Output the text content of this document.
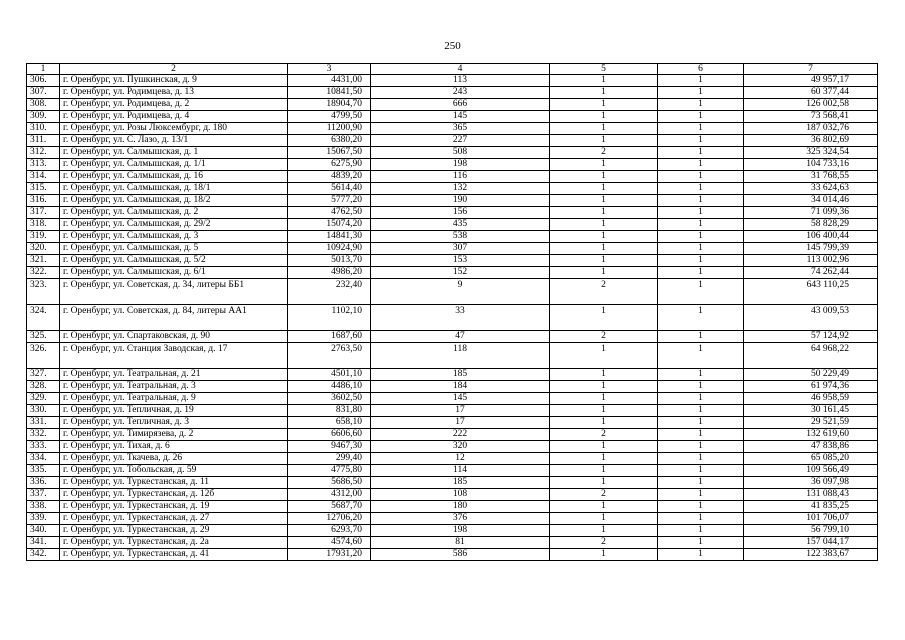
250
1	2	3	4	5	6	7
306.	г. Оренбург, ул. Пушкинская, д. 9	4431,00	113	1	1	49 957,17
307.	г. Оренбург, ул. Родимцева, д. 13	10841,50	243	1	1	60 377,44
308.	г. Оренбург, ул. Родимцева, д. 2	18904,70	666	1	1	126 002,58
309.	г. Оренбург, ул. Родимцева, д. 4	4799,50	145	1	1	73 568,41
310.	г. Оренбург, ул. Розы Люксембург, д. 180	11200,90	365	1	1	187 032,76
311.	г. Оренбург, ул. С. Лазо, д. 13/1	6380,20	227	1	1	36 802,69
312.	г. Оренбург, ул. Салмышская, д. 1	15067,50	508	2	1	325 324,54
313.	г. Оренбург, ул. Салмышская, д. 1/1	6275,90	198	1	1	104 733,16
314.	г. Оренбург, ул. Салмышская, д. 16	4839,20	116	1	1	31 768,55
315.	г. Оренбург, ул. Салмышская, д. 18/1	5614,40	132	1	1	33 624,63
316.	г. Оренбург, ул. Салмышская, д. 18/2	5777,20	190	1	1	34 014,46
317.	г. Оренбург, ул. Салмышская, д. 2	4762,50	156	1	1	71 099,36
318.	г. Оренбург, ул. Салмышская, д. 29/2	15074,20	435	1	1	58 828,29
319.	г. Оренбург, ул. Салмышская, д. 3	14841,30	538	1	1	106 400,44
320.	г. Оренбург, ул. Салмышская, д. 5	10924,90	307	1	1	145 799,39
321.	г. Оренбург, ул. Салмышская, д. 5/2	5013,70	153	1	1	113 002,96
322.	г. Оренбург, ул. Салмышская, д. 6/1	4986,20	152	1	1	74 262,44
323.	г. Оренбург, ул. Советская, д. 34, литеры ББ1	232,40	9	2	1	643 110,25
324.	г. Оренбург, ул. Советская, д. 84, литеры АА1	1102,10	33	1	1	43 009,53
325.	г. Оренбург, ул. Спартаковская, д. 90	1687,60	47	2	1	57 124,92
326.	г. Оренбург, ул. Станция Заводская, д. 17	2763,50	118	1	1	64 968,22
327.	г. Оренбург, ул. Театральная, д. 21	4501,10	185	1	1	50 229,49
328.	г. Оренбург, ул. Театральная, д. 3	4486,10	184	1	1	61 974,36
329.	г. Оренбург, ул. Театральная, д. 9	3602,50	145	1	1	46 958,59
330.	г. Оренбург, ул. Тепличная, д. 19	831,80	17	1	1	30 161,45
331.	г. Оренбург, ул. Тепличная, д. 3	658,10	17	1	1	29 521,59
332.	г. Оренбург, ул. Тимирязева, д. 2	6606,60	222	2	1	132 619,60
333.	г. Оренбург, ул. Тихая, д. 6	9467,30	320	1	1	47 838,86
334.	г. Оренбург, ул. Ткачева, д. 26	299,40	12	1	1	65 085,20
335.	г. Оренбург, ул. Тобольская, д. 59	4775,80	114	1	1	109 566,49
336.	г. Оренбург, ул. Туркестанская, д. 11	5686,50	185	1	1	36 097,98
337.	г. Оренбург, ул. Туркестанская, д. 12б	4312,00	108	2	1	131 088,43
338.	г. Оренбург, ул. Туркестанская, д. 19	5687,70	180	1	1	41 835,25
339.	г. Оренбург, ул. Туркестанская, д. 27	12706,20	376	1	1	101 706,07
340.	г. Оренбург, ул. Туркестанская, д. 29	6293,70	198	1	1	56 799,10
341.	г. Оренбург, ул. Туркестанская, д. 2а	4574,60	81	2	1	157 044,17
342.	г. Оренбург, ул. Туркестанская, д. 41	17931,20	586	1	1	122 383,67
